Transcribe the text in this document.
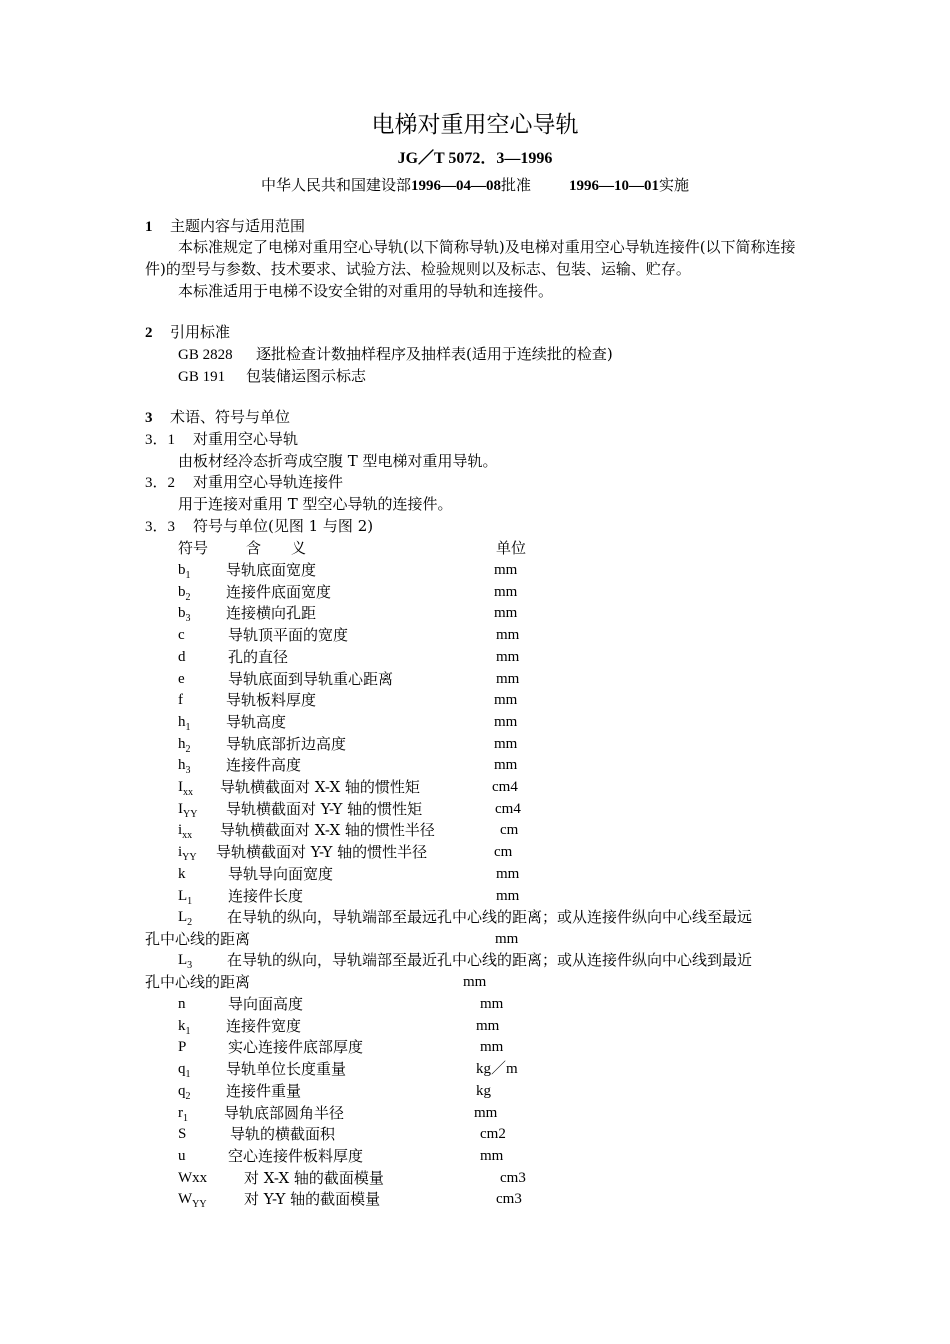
电梯对重用空心导轨
JG／T 5072．3—1996
中华人民共和国建设部1996—04—08批准	1996—10—01实施
1 主题内容与适用范围
本标准规定了电梯对重用空心导轨(以下简称导轨)及电梯对重用空心导轨连接件(以下简称连接件)的型号与参数、技术要求、试验方法、检验规则以及标志、包装、运输、贮存。
本标准适用于电梯不设安全钳的对重用的导轨和连接件。
2 引用标准
GB 2828 逐批检查计数抽样程序及抽样表(适用于连续批的检查)
GB 191 包装储运图示标志
3 术语、符号与单位
3．1 对重用空心导轨
由板材经冷态折弯成空腹 T 型电梯对重用导轨。
3．2 对重用空心导轨连接件
用于连接对重用 T 型空心导轨的连接件。
3．3 符号与单位(见图 1 与图 2)
符号	含　　义	单位
$b_1$ 导轨底面宽度	mm
$b_2$ 连接件底面宽度	mm
$b_3$ 连接横向孔距	mm
c	导轨顶平面的宽度	mm
d	孔的直径	mm
e	导轨底面到导轨重心距离	mm
f	导轨板料厚度	mm
$h_1$ 导轨高度	mm
$h_2$ 导轨底部折边高度	mm
$h_3$ 连接件高度	mm
$I_{xx}$ 导轨横截面对 X-X 轴的惯性矩	cm4
$I_{YY}$ 导轨横截面对 Y-Y 轴的惯性矩	cm4
$i_{xx}$ 导轨横截面对 X-X 轴的惯性半径	cm
$i_{YY}$ 导轨横截面对 Y-Y 轴的惯性半径	cm
k	导轨导向面宽度	mm
$L_1$ 连接件长度	mm
$L_2$ 在导轨的纵向，导轨端部至最远孔中心线的距离；或从连接件纵向中心线至最远
孔中心线的距离	mm
$L_3$ 在导轨的纵向，导轨端部至最近孔中心线的距离；或从连接件纵向中心线到最近
孔中心线的距离	mm
n	导向面高度	mm
$k_1$ 连接件宽度	mm
P	实心连接件底部厚度	mm
$q_1$ 导轨单位长度重量	kg／m
$q_2$ 连接件重量	kg
$r_1$ 导轨底部圆角半径	mm
S	导轨的横截面积	cm2
u	空心连接件板料厚度	mm
Wxx 对 X-X 轴的截面模量	cm3
$W_{YY}$ 对 Y-Y 轴的截面模量	cm3
